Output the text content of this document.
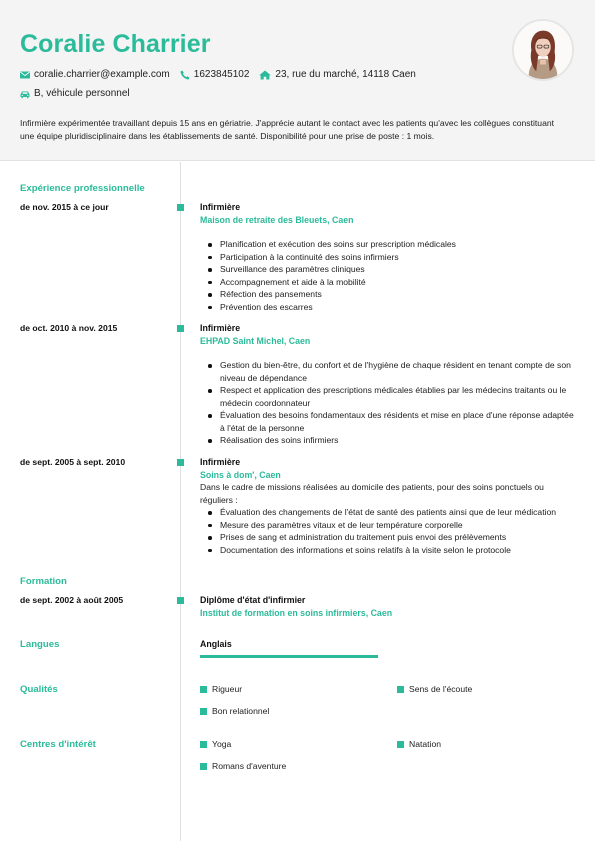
Coralie Charrier
coralie.charrier@example.com 1623845102	23, rue du marché, 14118 Caen
B, véhicule personnel
Infirmière expérimentée travaillant depuis 15 ans en gériatrie. J'apprécie autant le contact avec les patients qu'avec les collègues constituant une équipe pluridisciplinaire dans les établissements de santé. Disponibilité pour une prise de poste : 1 mois.
Expérience professionnelle
de nov. 2015 à ce jour	Infirmière
Maison de retraite des Bleuets, Caen
Planification et exécution des soins sur prescription médicales
Participation à la continuité des soins infirmiers
Surveillance des paramètres cliniques
Accompagnement et aide à la mobilité
Réfection des pansements
Prévention des escarres
de oct. 2010 à nov. 2015	Infirmière
EHPAD Saint Michel, Caen
Gestion du bien-être, du confort et de l'hygiène de chaque résident en tenant compte de son niveau de dépendance
Respect et application des prescriptions médicales établies par les médecins traitants ou le médecin coordonnateur
Évaluation des besoins fondamentaux des résidents et mise en place d'une réponse adaptée à l'état de la personne
Réalisation des soins infirmiers
de sept. 2005 à sept. 2010	Infirmière
Soins à dom', Caen
Dans le cadre de missions réalisées au domicile des patients, pour des soins ponctuels ou réguliers :
Évaluation des changements de l'état de santé des patients ainsi que de leur médication
Mesure des paramètres vitaux et de leur température corporelle
Prises de sang et administration du traitement puis envoi des prélèvements
Documentation des informations et soins relatifs à la visite selon le protocole
Formation
de sept. 2002 à août 2005	Diplôme d'état d'infirmier
Institut de formation en soins infirmiers, Caen
Langues	Anglais
Qualités	Rigueur	Sens de l'écoute
Bon relationnel
Centres d'intérêt	Yoga	Natation
Romans d'aventure
